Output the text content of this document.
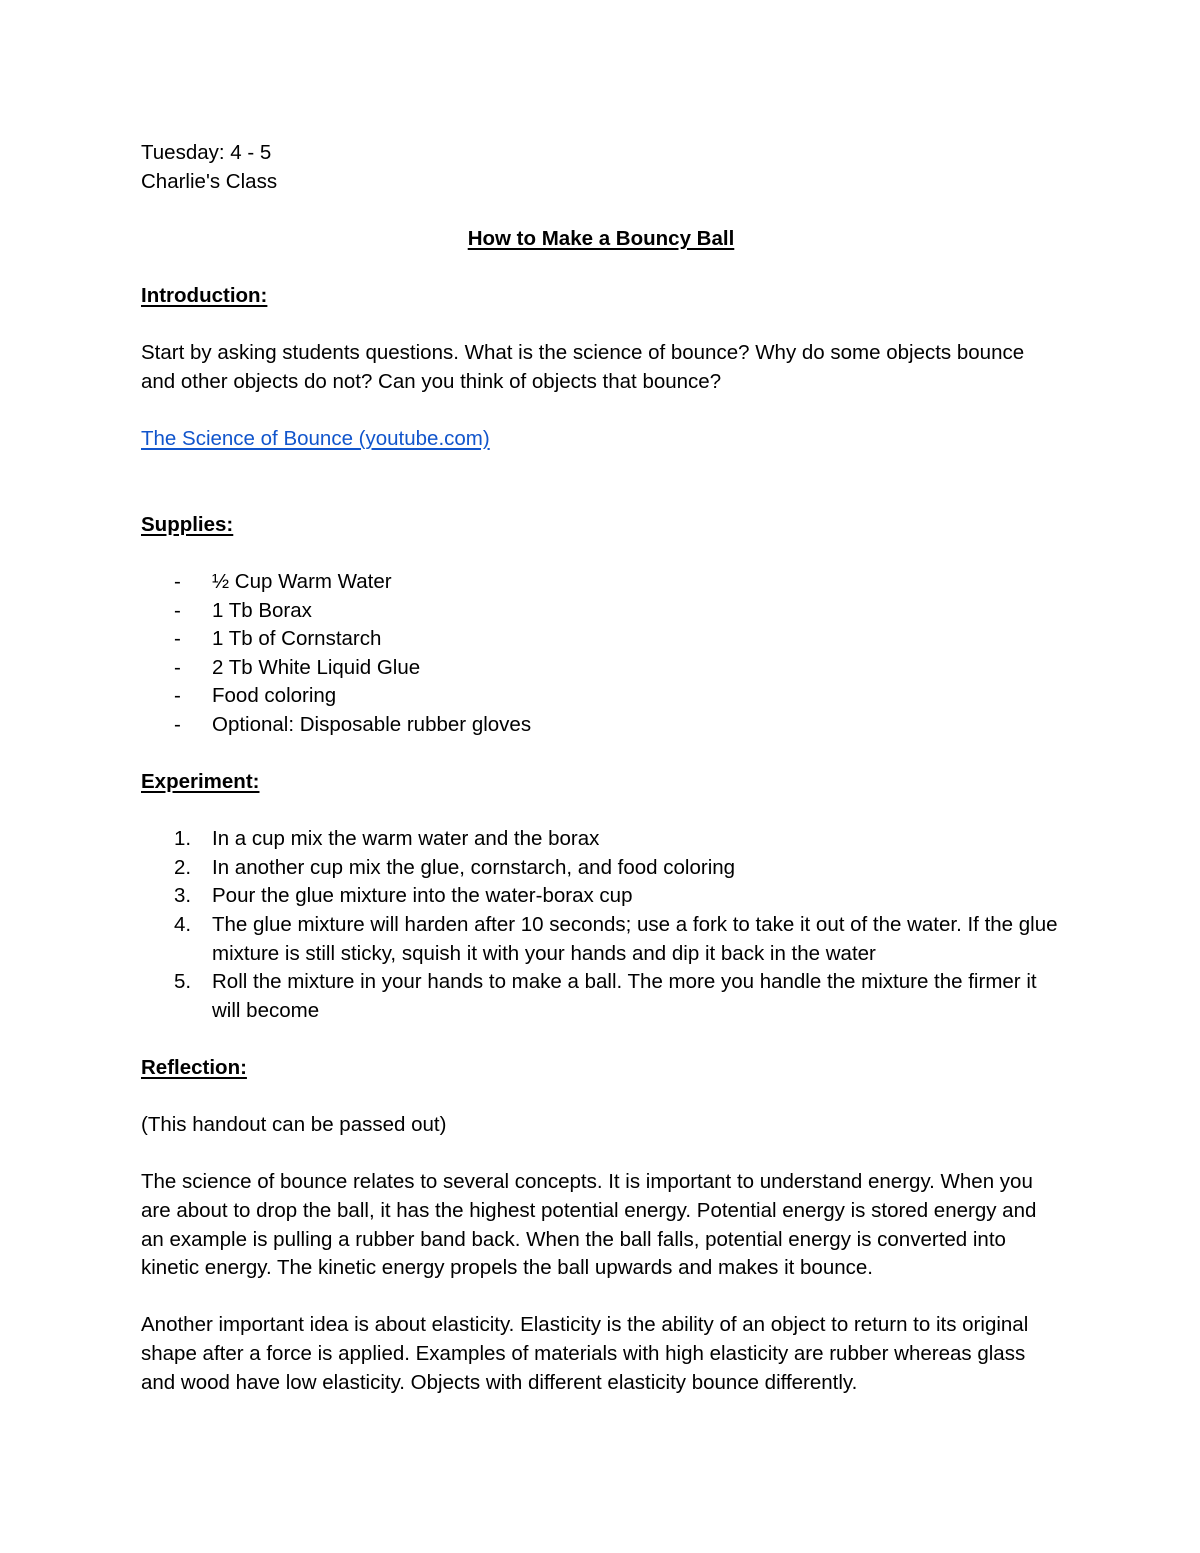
Tuesday: 4 - 5

Charlie's Class

How to Make a Bouncy Ball

Introduction:

Start by asking students questions. What is the science of bounce? Why do some objects bounce and other objects do not? Can you think of objects that bounce?

The Science of Bounce (youtube.com)

Supplies:

- ½ Cup Warm Water
- 1 Tb Borax
- 1 Tb of Cornstarch
- 2 Tb White Liquid Glue
- Food coloring
- Optional: Disposable rubber gloves

Experiment:

1. In a cup mix the warm water and the borax
2. In another cup mix the glue, cornstarch, and food coloring
3. Pour the glue mixture into the water-borax cup
4. The glue mixture will harden after 10 seconds; use a fork to take it out of the water. If the glue mixture is still sticky, squish it with your hands and dip it back in the water
5. Roll the mixture in your hands to make a ball. The more you handle the mixture the firmer it will become

Reflection:

(This handout can be passed out)

The science of bounce relates to several concepts. It is important to understand energy. When you are about to drop the ball, it has the highest potential energy. Potential energy is stored energy and an example is pulling a rubber band back. When the ball falls, potential energy is converted into kinetic energy. The kinetic energy propels the ball upwards and makes it bounce.

Another important idea is about elasticity. Elasticity is the ability of an object to return to its original shape after a force is applied. Examples of materials with high elasticity are rubber whereas glass and wood have low elasticity. Objects with different elasticity bounce differently.
